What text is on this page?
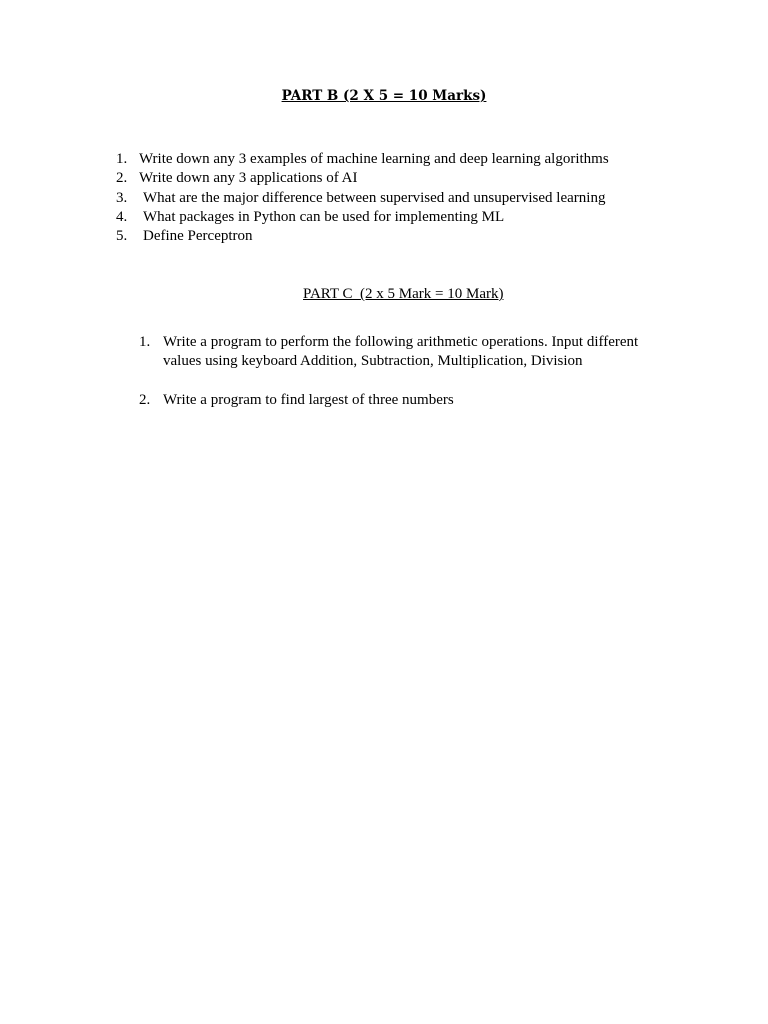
PART B (2 X 5 = 10 Marks)
1. Write down any 3 examples of machine learning and deep learning algorithms
2. Write down any 3 applications of AI
3. What are the major difference between supervised and unsupervised learning
4. What packages in Python can be used for implementing ML
5. Define Perceptron
PART C  (2 x 5 Mark = 10 Mark)
1. Write a program to perform the following arithmetic operations. Input different values using keyboard Addition, Subtraction, Multiplication, Division
2. Write a program to find largest of three numbers
